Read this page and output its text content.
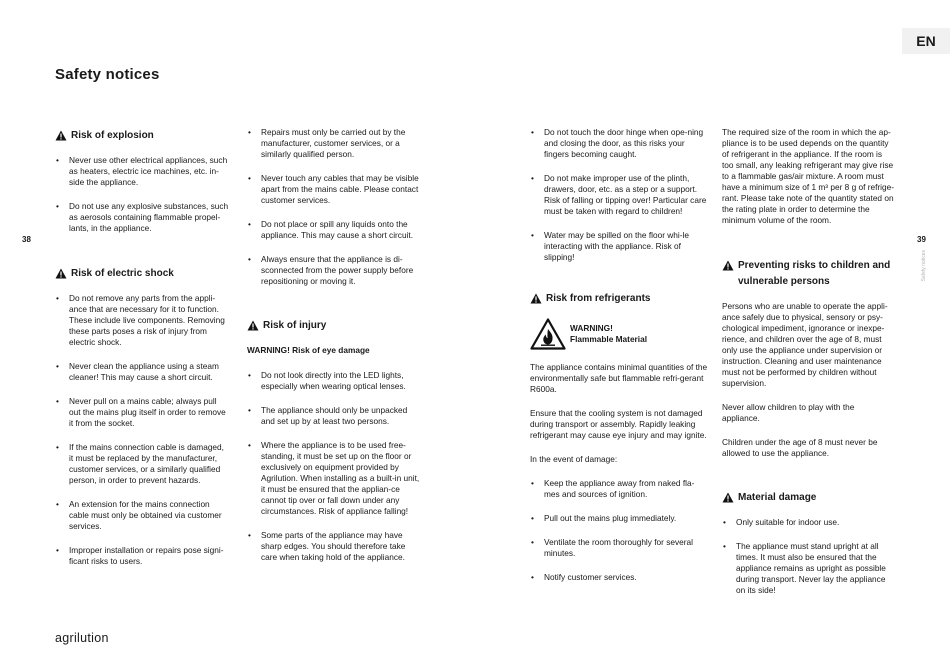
EN
Safety notices
38	39
Safety notices
agrilution
Risk of explosion
• Never use other electrical appliances, such as heaters, electric ice machines, etc. in-side the appliance.
• Do not use any explosive substances, such as aerosols containing flammable propel-lants, in the appliance.
Risk of electric shock
• Do not remove any parts from the appli-ance that are necessary for it to function. These include live components. Removing these parts poses a risk of injury from electric shock.
• Never clean the appliance using a steam cleaner! This may cause a short circuit.
• Never pull on a mains cable; always pull out the mains plug itself in order to remove it from the socket.
• If the mains connection cable is damaged, it must be replaced by the manufacturer, customer services, or a similarly qualified person, in order to prevent hazards.
• An extension for the mains connection cable must only be obtained via customer services.
• Improper installation or repairs pose signi-ficant risks to users.
• Repairs must only be carried out by the manufacturer, customer services, or a similarly qualified person.
• Never touch any cables that may be visible apart from the mains cable. Please contact customer services.
• Do not place or spill any liquids onto the appliance. This may cause a short circuit.
• Always ensure that the appliance is di-sconnected from the power supply before repositioning or moving it.
Risk of injury
WARNING! Risk of eye damage
• Do not look directly into the LED lights, especially when wearing optical lenses.
• The appliance should only be unpacked and set up by at least two persons.
• Where the appliance is to be used free-standing, it must be set up on the floor or exclusively on equipment provided by Agrilution. When installing as a built-in unit, it must be ensured that the applian-ce cannot tip over or fall down under any circumstances. Risk of appliance falling!
• Some parts of the appliance may have sharp edges. You should therefore take care when taking hold of the appliance.
• Do not touch the door hinge when ope-ning and closing the door, as this risks your fingers becoming caught.
• Do not make improper use of the plinth, drawers, door, etc. as a step or a support. Risk of falling or tipping over! Particular care must be taken with regard to children!
• Water may be spilled on the floor whi-le interacting with the appliance. Risk of slipping!
Risk from refrigerants
WARNING!
Flammable Material

The appliance contains minimal quantities of the environmentally safe but flammable refri-gerant R600a.

Ensure that the cooling system is not damaged during transport or assembly. Rapidly leaking refrigerant may cause eye injury and may ignite.

In the event of damage:

• Keep the appliance away from naked fla-mes and sources of ignition.
• Pull out the mains plug immediately.
• Ventilate the room thoroughly for several minutes.
• Notify customer services.

The required size of the room in which the ap-pliance is to be used depends on the quantity of refrigerant in the appliance. If the room is too small, any leaking refrigerant may give rise to a flammable gas/air mixture. A room must have a minimum size of 1 m³ per 8 g of refrige-rant. Please take note of the quantity stated on the rating plate in order to determine the minimum volume of the room.

Preventing risks to children and vulnerable persons

Persons who are unable to operate the appli-ance safely due to physical, sensory or psy-chological impediment, ignorance or inexpe-rience, and children over the age of 8, must only use the appliance under supervision or instruction. Cleaning and user maintenance must not be performed by children without supervision.

Never allow children to play with the appliance.

Children under the age of 8 must never be allowed to use the appliance.

Material damage
• Only suitable for indoor use.
• The appliance must stand upright at all times. It must also be ensured that the appliance remains as upright as possible during transport. Never lay the appliance on its side!
